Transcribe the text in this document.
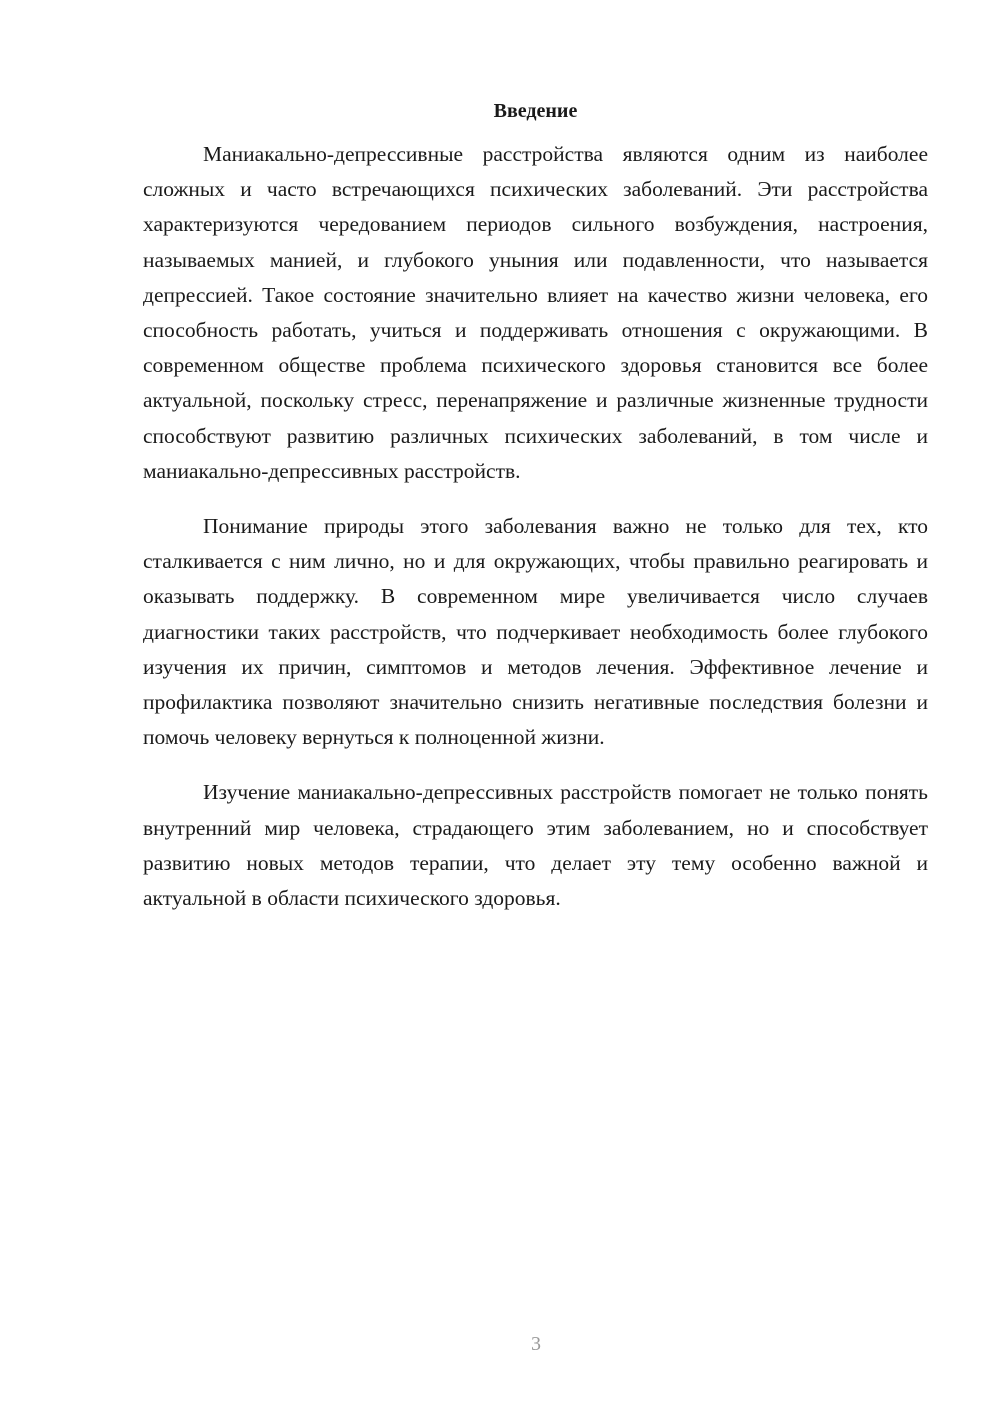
Введение

Маниакально-депрессивные расстройства являются одним из наиболее сложных и часто встречающихся психических заболеваний. Эти расстройства характеризуются чередованием периодов сильного возбуждения, настроения, называемых манией, и глубокого уныния или подавленности, что называется депрессией. Такое состояние значительно влияет на качество жизни человека, его способность работать, учиться и поддерживать отношения с окружающими. В современном обществе проблема психического здоровья становится все более актуальной, поскольку стресс, перенапряжение и различные жизненные трудности способствуют развитию различных психических заболеваний, в том числе и маниакально-депрессивных расстройств.

Понимание природы этого заболевания важно не только для тех, кто сталкивается с ним лично, но и для окружающих, чтобы правильно реагировать и оказывать поддержку. В современном мире увеличивается число случаев диагностики таких расстройств, что подчеркивает необходимость более глубокого изучения их причин, симптомов и методов лечения. Эффективное лечение и профилактика позволяют значительно снизить негативные последствия болезни и помочь человеку вернуться к полноценной жизни.

Изучение маниакально-депрессивных расстройств помогает не только понять внутренний мир человека, страдающего этим заболеванием, но и способствует развитию новых методов терапии, что делает эту тему особенно важной и актуальной в области психического здоровья.

3
